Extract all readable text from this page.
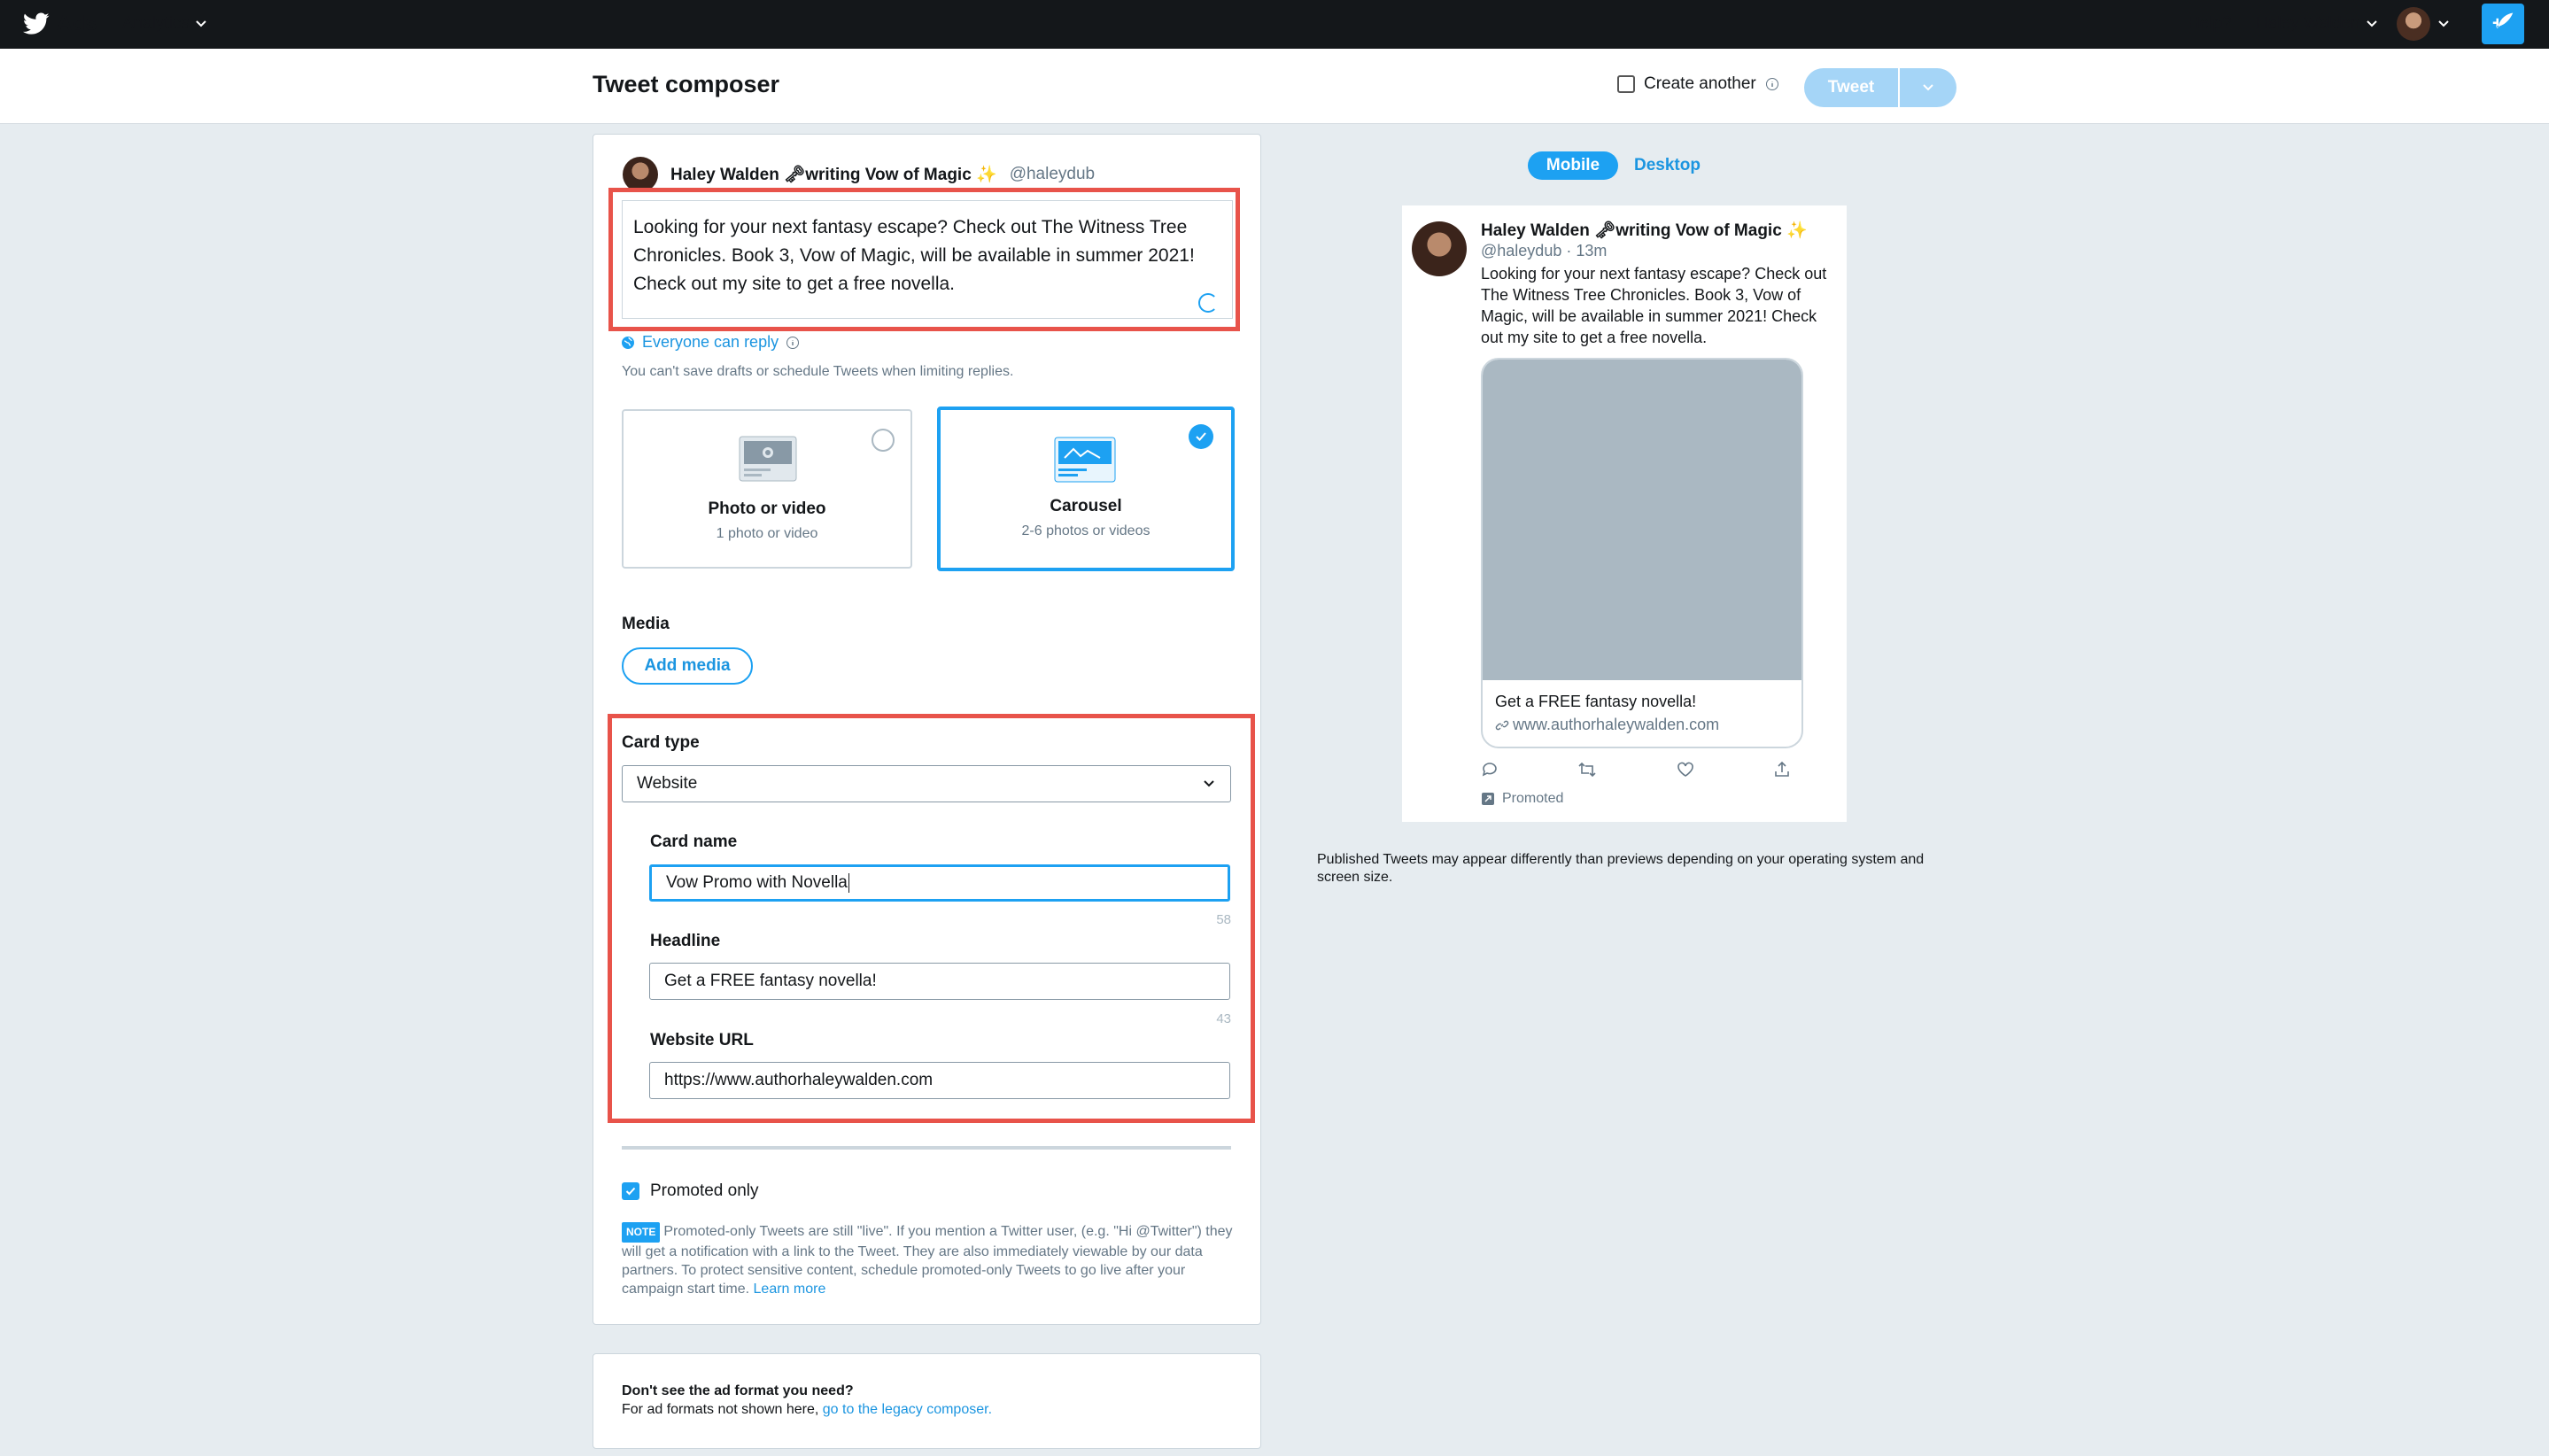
Ads Analytics	Help? Haley Walden
Tweet composer	Create another	Tweet
Haley Walden 🗝writing Vow of Magic ✨ @haleydub
Looking for your next fantasy escape? Check out The Witness Tree Chronicles. Book 3, Vow of Magic, will be available in summer 2021! Check out my site to get a free novella.
Everyone can reply
You can't save drafts or schedule Tweets when limiting replies.
Photo or video
1 photo or video
Carousel
2-6 photos or videos
Media
Add media
Card type
Website
Card name
Vow Promo with Novella
58
Headline
Get a FREE fantasy novella!
43
Website URL
https://www.authorhaleywalden.com
Promoted only
NOTE Promoted-only Tweets are still "live". If you mention a Twitter user, (e.g. "Hi @Twitter") they will get a notification with a link to the Tweet. They are also immediately viewable by our data partners. To protect sensitive content, schedule promoted-only Tweets to go live after your campaign start time. Learn more
Don't see the ad format you need?
For ad formats not shown here, go to the legacy composer.
Mobile	Desktop
Haley Walden 🗝writing Vow of Magic ✨
@haleydub · 13m
Looking for your next fantasy escape? Check out The Witness Tree Chronicles. Book 3, Vow of Magic, will be available in summer 2021! Check out my site to get a free novella.
Get a FREE fantasy novella!
www.authorhaleywalden.com
Promoted
Published Tweets may appear differently than previews depending on your operating system and screen size.
